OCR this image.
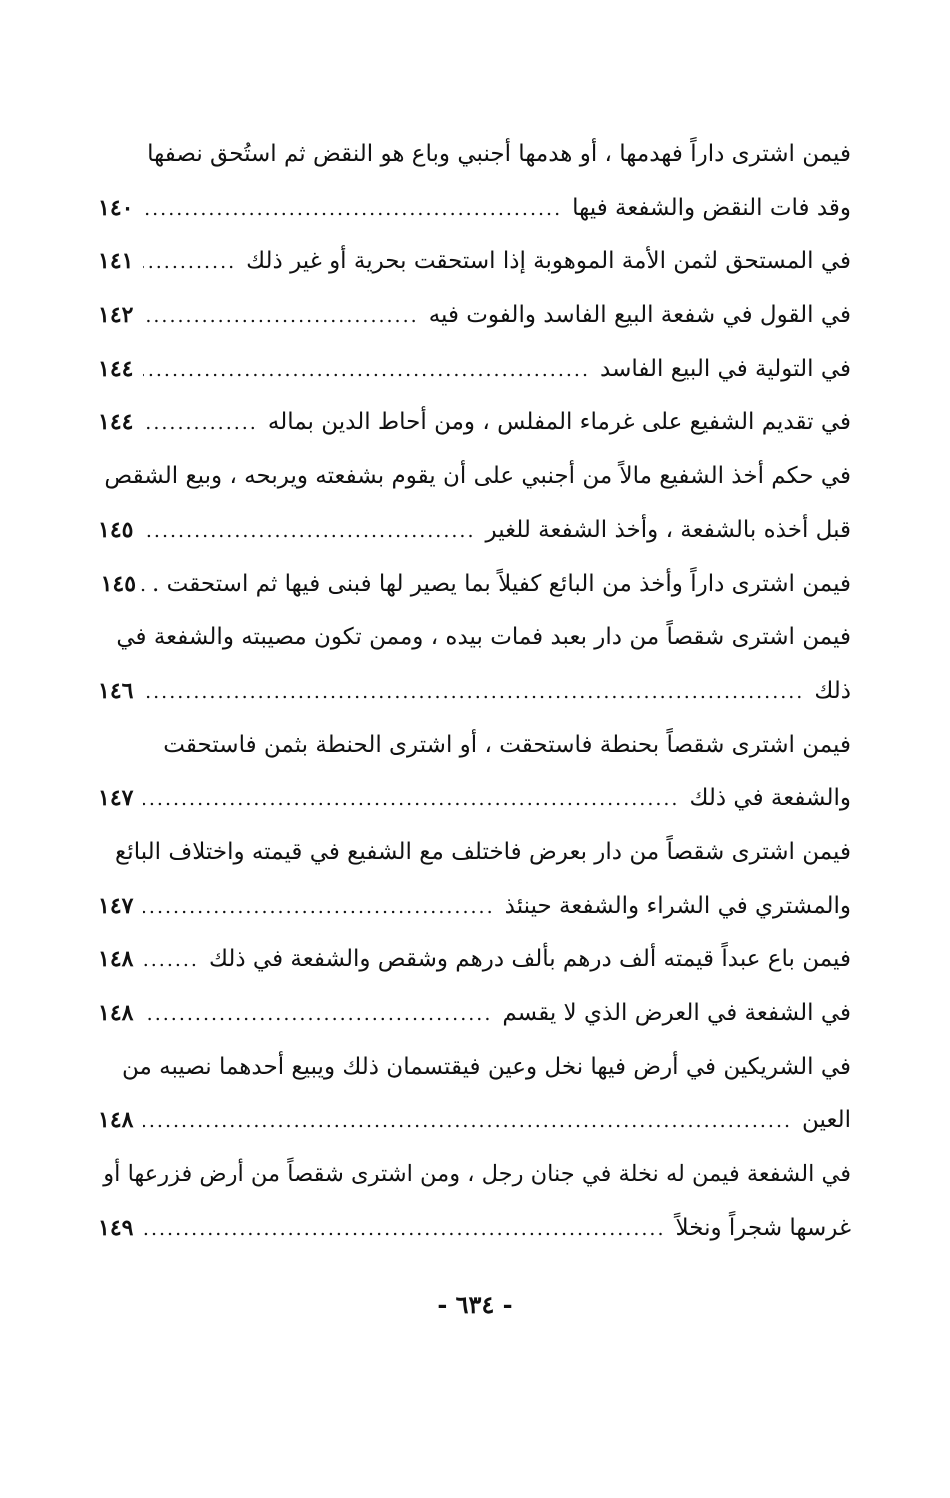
فيمن اشترى داراً فهدمها ، أو هدمها أجنبي وباع هو النقض ثم استُحق نصفها
وقد فات النقض والشفعة فيها
.....
١٤٠
في المستحق لثمن الأمة الموهوبة إذا استحقت بحرية أو غير ذلك
.....
١٤١
في القول في شفعة البيع الفاسد والفوت فيه
.....
١٤٢
في التولية في البيع الفاسد
.....
١٤٤
في تقديم الشفيع على غرماء المفلس ، ومن أحاط الدين بماله
.....
١٤٤
في حكم أخذ الشفيع مالاً من أجنبي على أن يقوم بشفعته ويربحه ، وبيع الشقص
قبل أخذه بالشفعة ، وأخذ الشفعة للغير
.....
١٤٥
فيمن اشترى داراً وأخذ من البائع كفيلاً بما يصير لها فبنى فيها ثم استحقت .
.....
١٤٥
فيمن اشترى شقصاً من دار بعبد فمات بيده ، وممن تكون مصيبته والشفعة في
ذلك
.....
١٤٦
فيمن اشترى شقصاً بحنطة فاستحقت ، أو اشترى الحنطة بثمن فاستحقت
والشفعة في ذلك
.....
١٤٧
فيمن اشترى شقصاً من دار بعرض فاختلف مع الشفيع في قيمته واختلاف البائع
والمشتري في الشراء والشفعة حينئذ
.....
١٤٧
فيمن باع عبداً قيمته ألف درهم بألف درهم وشقص والشفعة في ذلك
.....
١٤٨
في الشفعة في العرض الذي لا يقسم
.....
١٤٨
في الشريكين في أرض فيها نخل وعين فيقتسمان ذلك ويبيع أحدهما نصيبه من
العين
.....
١٤٨
في الشفعة فيمن له نخلة في جنان رجل ، ومن اشترى شقصاً من أرض فزرعها أو
غرسها شجراً ونخلاً
.....
١٤٩
- ٦٣٤ -
